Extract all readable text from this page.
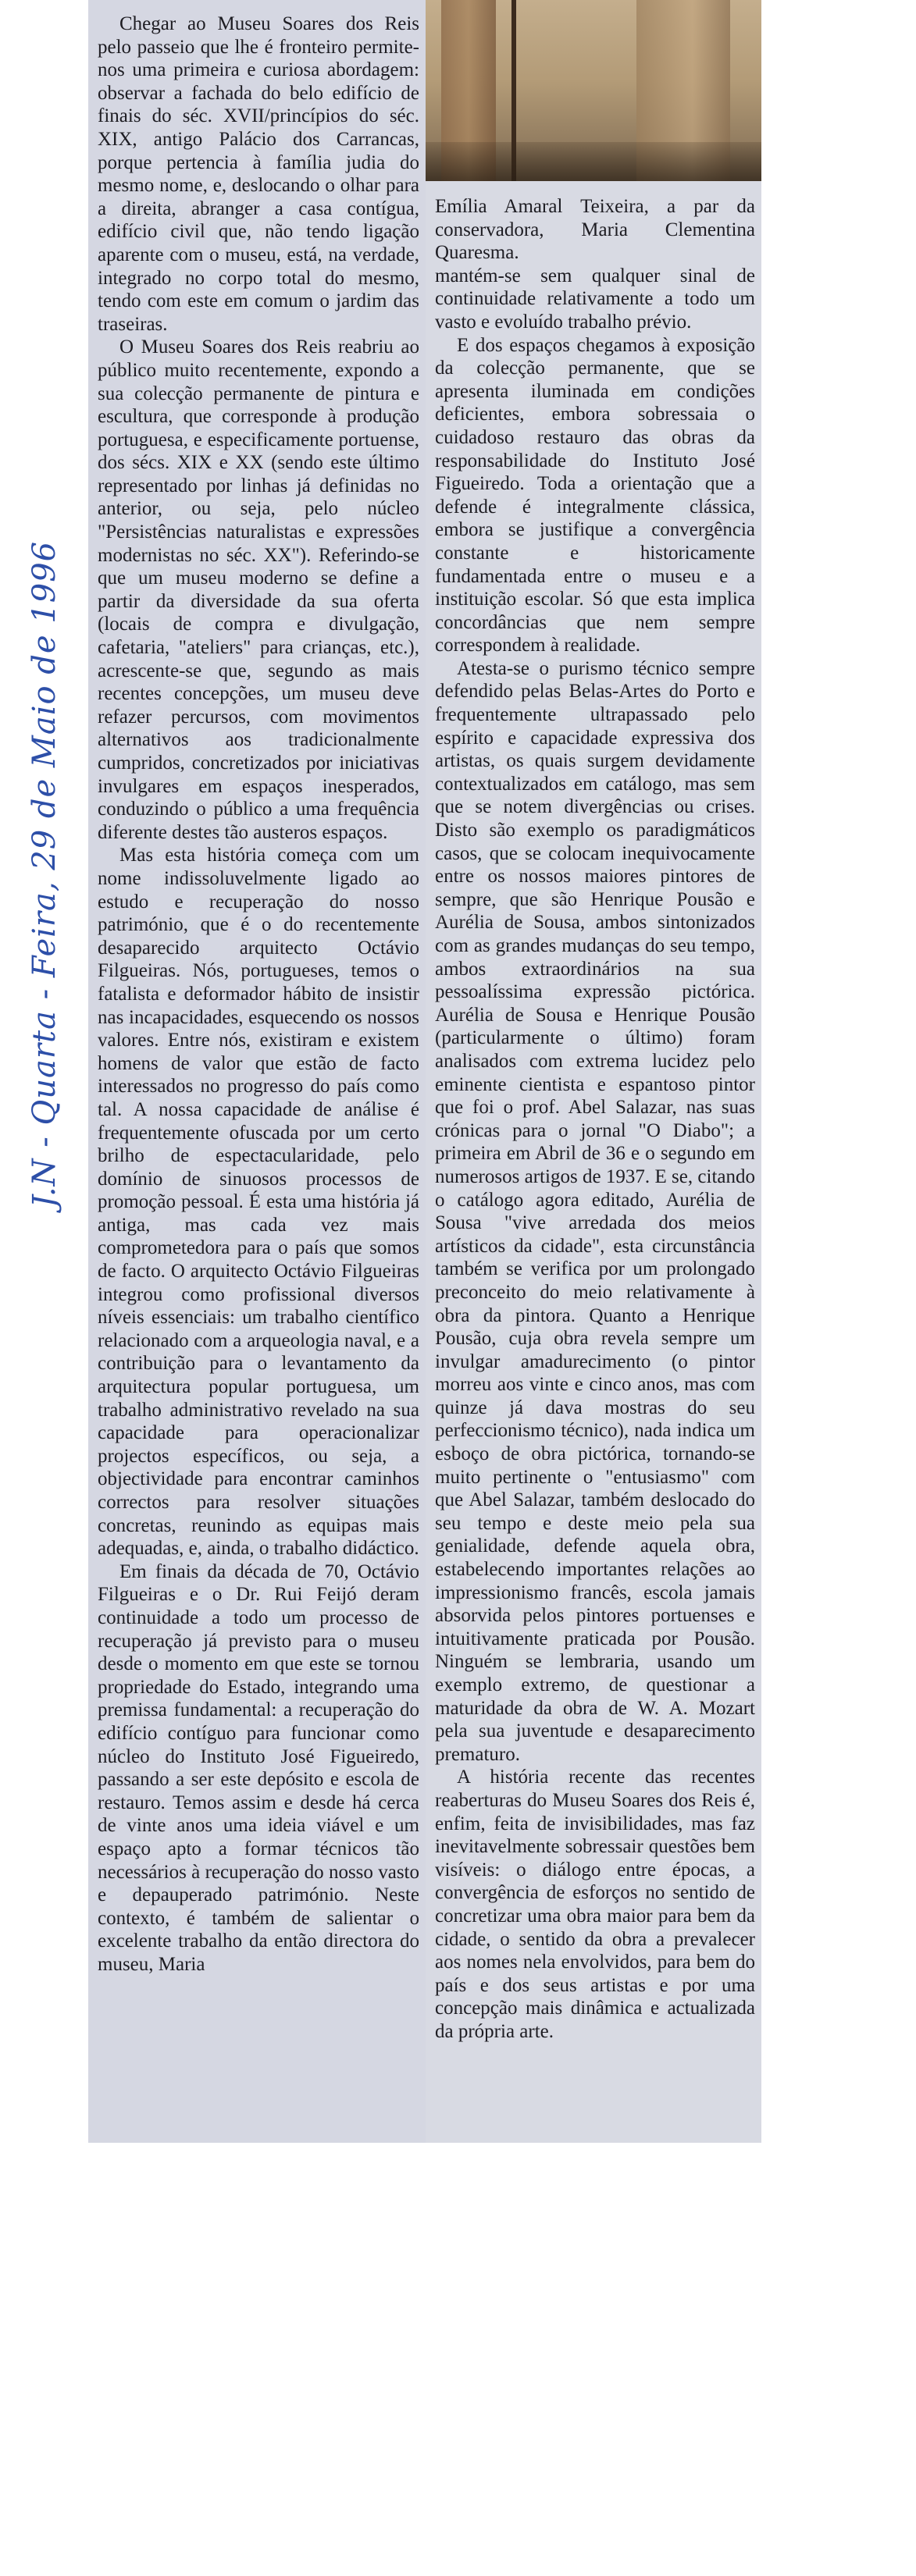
J.N - Quarta - Feira, 29 de Maio de 1996

Chegar ao Museu Soares dos Reis pelo passeio que lhe é fronteiro permite-nos uma primeira e curiosa abordagem: observar a fachada do belo edifício de finais do séc. XVII/princípios do séc. XIX, antigo Palácio dos Carrancas, porque pertencia à família judia do mesmo nome, e, deslocando o olhar para a direita, abranger a casa contígua, edifício civil que, não tendo ligação aparente com o museu, está, na verdade, integrado no corpo total do mesmo, tendo com este em comum o jardim das traseiras.

O Museu Soares dos Reis reabriu ao público muito recentemente, expondo a sua colecção permanente de pintura e escultura, que corresponde à produção portuguesa, e especificamente portuense, dos sécs. XIX e XX (sendo este último representado por linhas já definidas no anterior, ou seja, pelo núcleo "Persistências naturalistas e expressões modernistas no séc. XX"). Referindo-se que um museu moderno se define a partir da diversidade da sua oferta (locais de compra e divulgação, cafetaria, "ateliers" para crianças, etc.), acrescente-se que, segundo as mais recentes concepções, um museu deve refazer percursos, com movimentos alternativos aos tradicionalmente cumpridos, concretizados por iniciativas invulgares em espaços inesperados, conduzindo o público a uma frequência diferente destes tão austeros espaços.

Mas esta história começa com um nome indissoluvelmente ligado ao estudo e recuperação do nosso património, que é o do recentemente desaparecido arquitecto Octávio Filgueiras. Nós, portugueses, temos o fatalista e deformador hábito de insistir nas incapacidades, esquecendo os nossos valores. Entre nós, existiram e existem homens de valor que estão de facto interessados no progresso do país como tal. A nossa capacidade de análise é frequentemente ofuscada por um certo brilho de espectacularidade, pelo domínio de sinuosos processos de promoção pessoal. É esta uma história já antiga, mas cada vez mais comprometedora para o país que somos de facto. O arquitecto Octávio Filgueiras integrou como profissional diversos níveis essenciais: um trabalho científico relacionado com a arqueologia naval, e a contribuição para o levantamento da arquitectura popular portuguesa, um trabalho administrativo revelado na sua capacidade para operacionalizar projectos específicos, ou seja, a objectividade para encontrar caminhos correctos para resolver situações concretas, reunindo as equipas mais adequadas, e, ainda, o trabalho didáctico.

Em finais da década de 70, Octávio Filgueiras e o Dr. Rui Feijó deram continuidade a todo um processo de recuperação já previsto para o museu desde o momento em que este se tornou propriedade do Estado, integrando uma premissa fundamental: a recuperação do edifício contíguo para funcionar como núcleo do Instituto José Figueiredo, passando a ser este depósito e escola de restauro. Temos assim e desde há cerca de vinte anos uma ideia viável e um espaço apto a formar técnicos tão necessários à recuperação do nosso vasto e depauperado património. Neste contexto, é também de salientar o excelente trabalho da então directora do museu, Maria

Emília Amaral Teixeira, a par da conservadora, Maria Clementina Quaresma.

mantém-se sem qualquer sinal de continuidade relativamente a todo um vasto e evoluído trabalho prévio.

E dos espaços chegamos à exposição da colecção permanente, que se apresenta iluminada em condições deficientes, embora sobressaia o cuidadoso restauro das obras da responsabilidade do Instituto José Figueiredo. Toda a orientação que a defende é integralmente clássica, embora se justifique a convergência constante e historicamente fundamentada entre o museu e a instituição escolar. Só que esta implica concordâncias que nem sempre correspondem à realidade.

Atesta-se o purismo técnico sempre defendido pelas Belas-Artes do Porto e frequentemente ultrapassado pelo espírito e capacidade expressiva dos artistas, os quais surgem devidamente contextualizados em catálogo, mas sem que se notem divergências ou crises. Disto são exemplo os paradigmáticos casos, que se colocam inequivocamente entre os nossos maiores pintores de sempre, que são Henrique Pousão e Aurélia de Sousa, ambos sintonizados com as grandes mudanças do seu tempo, ambos extraordinários na sua pessoalíssima expressão pictórica. Aurélia de Sousa e Henrique Pousão (particularmente o último) foram analisados com extrema lucidez pelo eminente cientista e espantoso pintor que foi o prof. Abel Salazar, nas suas crónicas para o jornal "O Diabo"; a primeira em Abril de 36 e o segundo em numerosos artigos de 1937. E se, citando o catálogo agora editado, Aurélia de Sousa "vive arredada dos meios artísticos da cidade", esta circunstância também se verifica por um prolongado preconceito do meio relativamente à obra da pintora. Quanto a Henrique Pousão, cuja obra revela sempre um invulgar amadurecimento (o pintor morreu aos vinte e cinco anos, mas com quinze já dava mostras do seu perfeccionismo técnico), nada indica um esboço de obra pictórica, tornando-se muito pertinente o "entusiasmo" com que Abel Salazar, também deslocado do seu tempo e deste meio pela sua genialidade, defende aquela obra, estabelecendo importantes relações ao impressionismo francês, escola jamais absorvida pelos pintores portuenses e intuitivamente praticada por Pousão. Ninguém se lembraria, usando um exemplo extremo, de questionar a maturidade da obra de W. A. Mozart pela sua juventude e desaparecimento prematuro.

A história recente das recentes reaberturas do Museu Soares dos Reis é, enfim, feita de invisibilidades, mas faz inevitavelmente sobressair questões bem visíveis: o diálogo entre épocas, a convergência de esforços no sentido de concretizar uma obra maior para bem da cidade, o sentido da obra a prevalecer aos nomes nela envolvidos, para bem do país e dos seus artistas e por uma concepção mais dinâmica e actualizada da própria arte.
